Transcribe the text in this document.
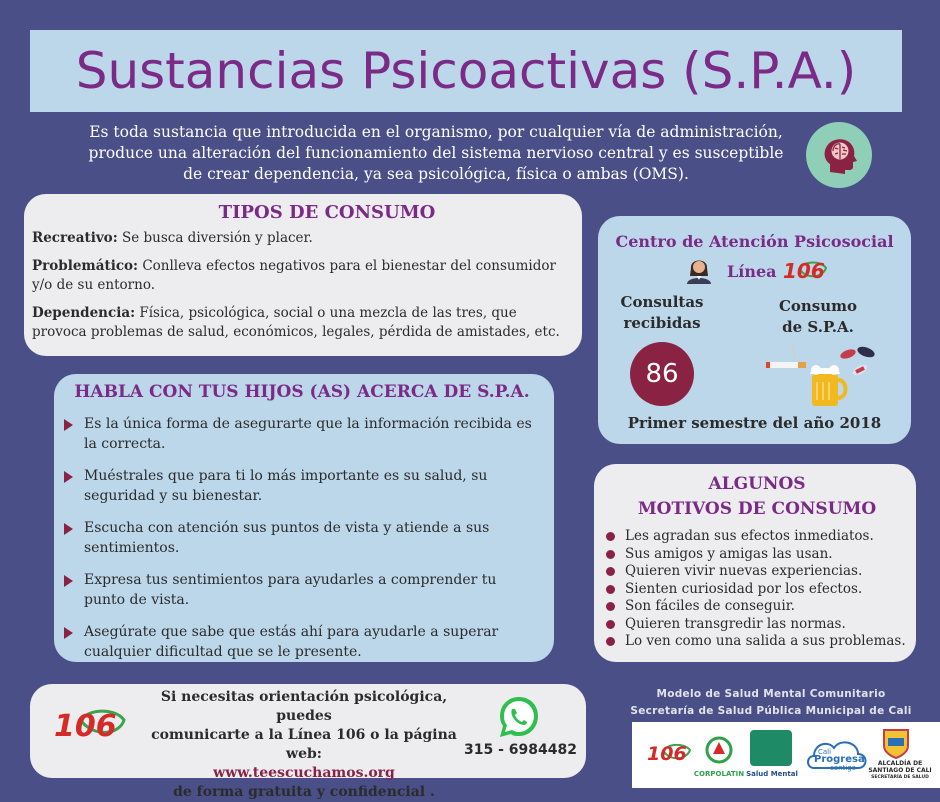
Sustancias Psicoactivas (S.P.A.)

Es toda sustancia que introducida en el organismo, por cualquier vía de administración, produce una alteración del funcionamiento del sistema nervioso central y es susceptible de crear dependencia, ya sea psicológica, física o ambas (OMS).

TIPOS DE CONSUMO

Recreativo: Se busca diversión y placer.

Problemático: Conlleva efectos negativos para el bienestar del consumidor y/o de su entorno.

Dependencia: Física, psicológica, social o una mezcla de las tres, que provoca problemas de salud, económicos, legales, pérdida de amistades, etc.

HABLA CON TUS HIJOS (AS) ACERCA DE S.P.A.
Es la única forma de asegurarte que la información recibida es la correcta.
Muéstrales que para ti lo más importante es su salud, su seguridad y su bienestar.
Escucha con atención sus puntos de vista y atiende a sus sentimientos.
Expresa tus sentimientos para ayudarles a comprender tu punto de vista.
Asegúrate que sabe que estás ahí para ayudarle a superar cualquier dificultad que se le presente.
Centro de Atención Psicosocial
Línea 106
Consultas recibidas
Consumo de S.P.A.
86
Primer semestre del año 2018
ALGUNOS
MOTIVOS DE CONSUMO
Les agradan sus efectos inmediatos.
Sus amigos y amigas las usan.
Quieren vivir nuevas experiencias.
Sienten curiosidad por los efectos.
Son fáciles de conseguir.
Quieren transgredir las normas.
Lo ven como una salida a sus problemas.
106
Si necesitas orientación psicológica, puedes
comunicarte a la Línea 106 o la página web:
www.teescuchamos.org
de forma gratuita y confidencial .
315 - 6984482
Modelo de Salud Mental Comunitario
Secretaría de Salud Pública Municipal de Cali
106
CORPOLATIN Salud Mental
Cali
Progresa
contigo
ALCALDÍA DE
SANTIAGO DE CALI
SECRETARÍA DE SALUD
